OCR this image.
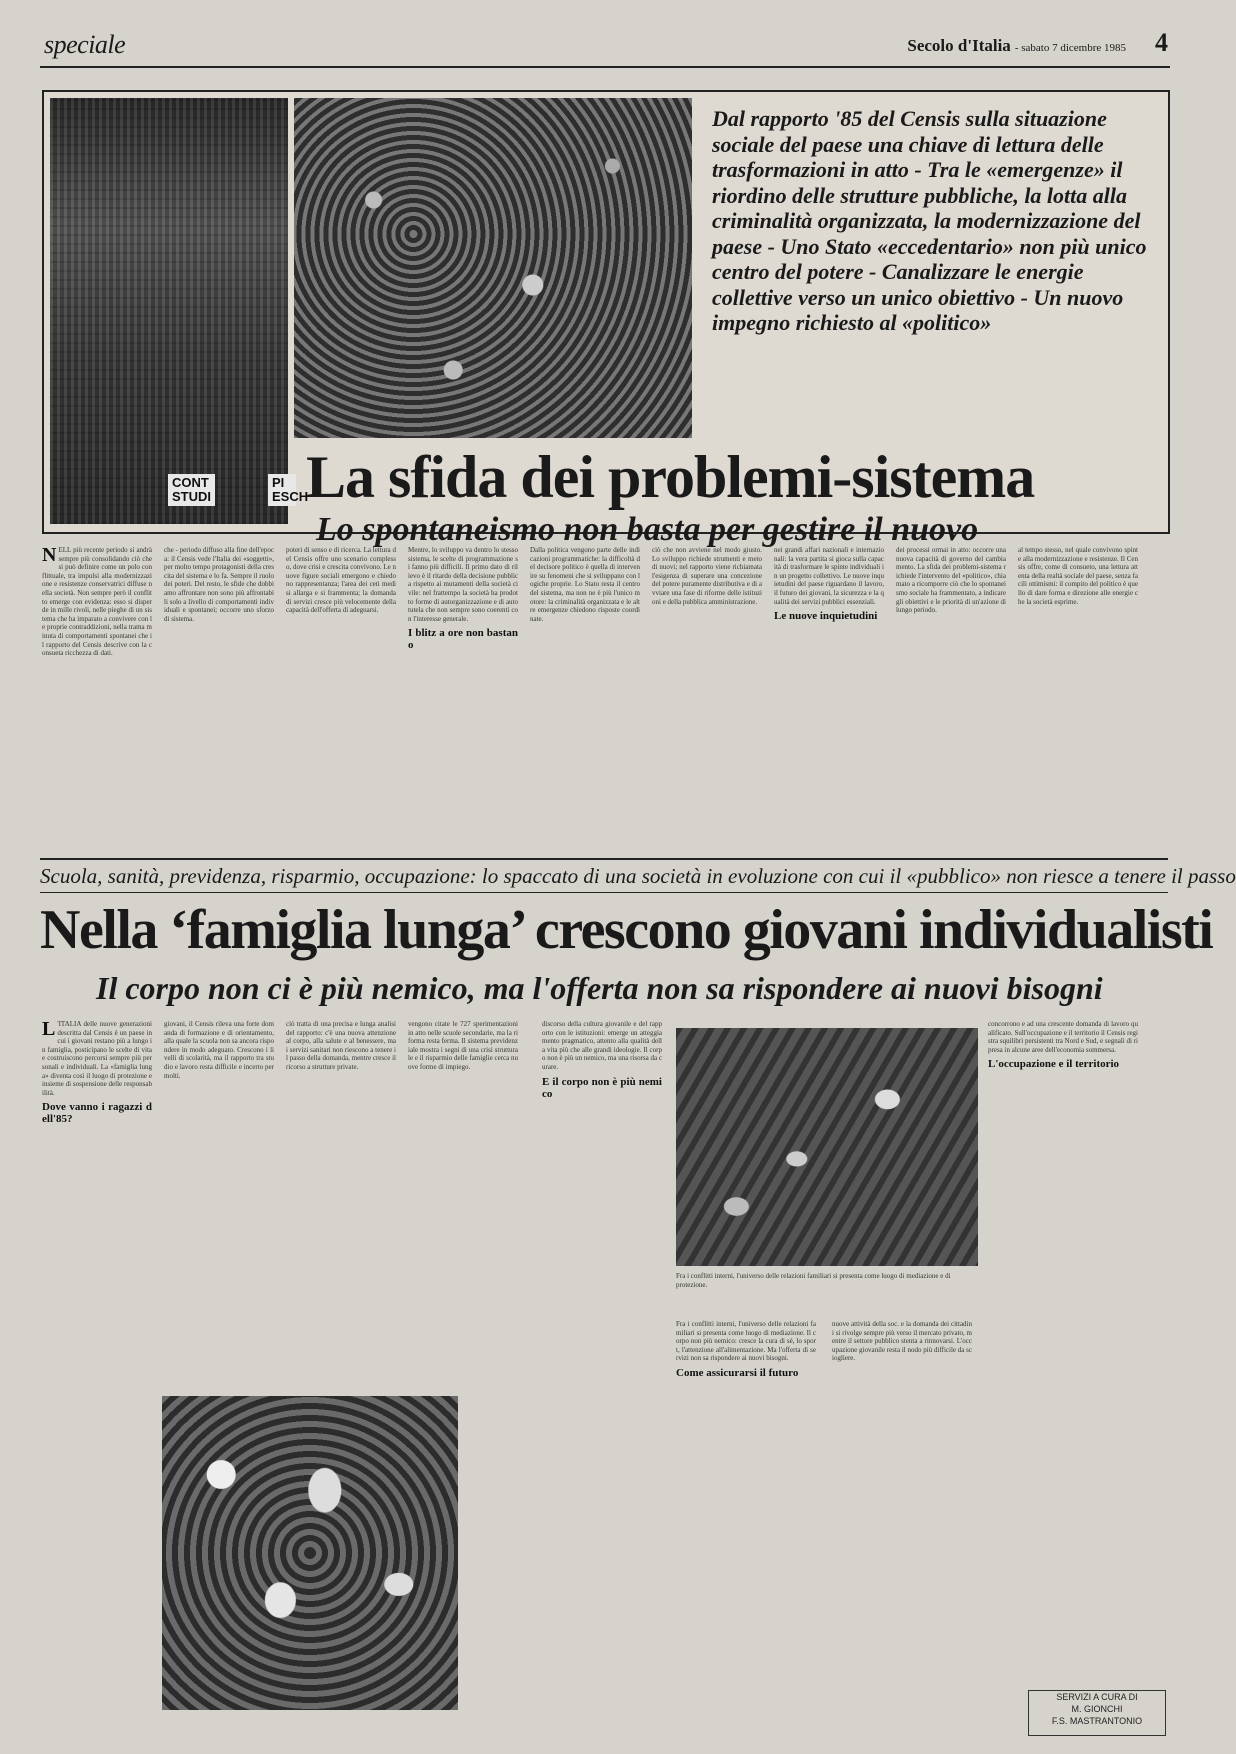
speciale	Secolo d'Italia - sabato 7 dicembre 1985 4
CONT
STUDI
PI
ESCH
Dal rapporto '85 del Censis sulla situazione sociale del paese una chiave di lettura delle trasformazioni in atto - Tra le «emergenze» il riordino delle strutture pubbliche, la lotta alla criminalità organizzata, la modernizzazione del paese - Uno Stato «eccedentario» non più unico centro del potere - Canalizzare le energie collettive verso un unico obiettivo - Un nuovo impegno richiesto al «politico»
La sfida dei problemi-sistema
Lo spontaneismo non basta per gestire il nuovo
NELL più recente periodo si andrà sempre più consolidando ciò che si può definire come un polo conflittuale, tra impulsi alla modernizzazione e resistenze conservatrici diffuse nella società. Non sempre però il conflitto emerge con evidenza: esso si disperde in mille rivoli, nelle pieghe di un sistema che ha imparato a convivere con le proprie contraddizioni, nella trama minuta di comportamenti spontanei che il rapporto del Censis descrive con la consueta ricchezza di dati.
che - periodo diffuso alla fine dell'epoca: il Censis vede l'Italia dei «soggetti», per molto tempo protagonisti della crescita del sistema e lo fa. Sempre il ruolo dei poteri. Del resto, le sfide che dobbiamo affrontare non sono più affrontabili solo a livello di comportamenti individuali e spontanei; occorre uno sforzo di sistema.
poteri di senso e di ricerca. La lettura del Censis offre uno scenario complesso, dove crisi e crescita convivono. Le nuove figure sociali emergono e chiedono rappresentanza; l'area dei ceti medi si allarga e si frammenta; la domanda di servizi cresce più velocemente della capacità dell'offerta di adeguarsi.
Mentre, lo sviluppo va dentro lo stesso sistema, le scelte di programmazione si fanno più difficili. Il primo dato di rilievo è il ritardo della decisione pubblica rispetto ai mutamenti della società civile: nel frattempo la società ha prodotto forme di autorganizzazione e di autotutela che non sempre sono coerenti con l'interesse generale.
I blitz a ore non bastano
Dalla politica vengono parte delle indicazioni programmatiche: la difficoltà del decisore politico è quella di intervenire su fenomeni che si sviluppano con logiche proprie. Lo Stato resta il centro del sistema, ma non ne è più l'unico motore: la criminalità organizzata e le altre emergenze chiedono risposte coordinate.
ciò che non avviene nel modo giusto. Lo sviluppo richiede strumenti e metodi nuovi; nel rapporto viene richiamata l'esigenza di superare una concezione del potere puramente distributiva e di avviare una fase di riforme delle istituzioni e della pubblica amministrazione.
nei grandi affari nazionali e internazionali: la vera partita si gioca sulla capacità di trasformare le spinte individuali in un progetto collettivo. Le nuove inquietudini del paese riguardano il lavoro, il futuro dei giovani, la sicurezza e la qualità dei servizi pubblici essenziali.
Le nuove inquietudini
dei processi ormai in atto: occorre una nuova capacità di governo del cambiamento. La sfida dei problemi-sistema richiede l'intervento del «politico», chiamato a ricomporre ciò che lo spontaneismo sociale ha frammentato, a indicare gli obiettivi e le priorità di un'azione di lungo periodo.
al tempo stesso, nel quale convivono spinte alla modernizzazione e resistenze. Il Censis offre, come di consueto, una lettura attenta della realtà sociale del paese, senza facili ottimismi: il compito del politico è quello di dare forma e direzione alle energie che la società esprime.
Scuola, sanità, previdenza, risparmio, occupazione: lo spaccato di una società in evoluzione con cui il «pubblico» non riesce a tenere il passo
Nella ‘famiglia lunga’ crescono giovani individualisti
Il corpo non ci è più nemico, ma l'offerta non sa rispondere ai nuovi bisogni
L 'ITALIA delle nuove generazioni descritta dal Censis è un paese in cui i giovani restano più a lungo in famiglia, posticipano le scelte di vita e costruiscono percorsi sempre più personali e individuali. La «famiglia lunga» diventa così il luogo di protezione e insieme di sospensione delle responsabilità.
Dove vanno i ragazzi dell'85?
giovani, il Censis rileva una forte domanda di formazione e di orientamento, alla quale la scuola non sa ancora rispondere in modo adeguato. Crescono i livelli di scolarità, ma il rapporto tra studio e lavoro resta difficile e incerto per molti.
ciò tratta di una precisa e lunga analisi del rapporto: c'è una nuova attenzione al corpo, alla salute e al benessere, ma i servizi sanitari non riescono a tenere il passo della domanda, mentre cresce il ricorso a strutture private.
vengono citate le 727 sperimentazioni in atto nelle scuole secondarie, ma la riforma resta ferma. Il sistema previdenziale mostra i segni di una crisi strutturale e il risparmio delle famiglie cerca nuove forme di impiego.
discorso della cultura giovanile e del rapporto con le istituzioni: emerge un atteggiamento pragmatico, attento alla qualità della vita più che alle grandi ideologie. Il corpo non è più un nemico, ma una risorsa da curare.
E il corpo non è più nemico
Fra i conflitti interni, l'universo delle relazioni familiari si presenta come luogo di mediazione e di protezione.
Fra i conflitti interni, l'universo delle relazioni familiari si presenta come luogo di mediazione. Il corpo non più nemico: cresce la cura di sé, lo sport, l'attenzione all'alimentazione. Ma l'offerta di servizi non sa rispondere ai nuovi bisogni.
Come assicurarsi il futuro
nuove attività della soc. e la domanda dei cittadini si rivolge sempre più verso il mercato privato, mentre il settore pubblico stenta a rinnovarsi. L'occupazione giovanile resta il nodo più difficile da sciogliere.
concorrono e ad una crescente domanda di lavoro qualificato. Sull'occupazione e il territorio il Censis registra squilibri persistenti tra Nord e Sud, e segnali di ripresa in alcune aree dell'economia sommersa.
L'occupazione e il territorio
SERVIZI A CURA DI
M. GIONCHI
F.S. MASTRANTONIO
